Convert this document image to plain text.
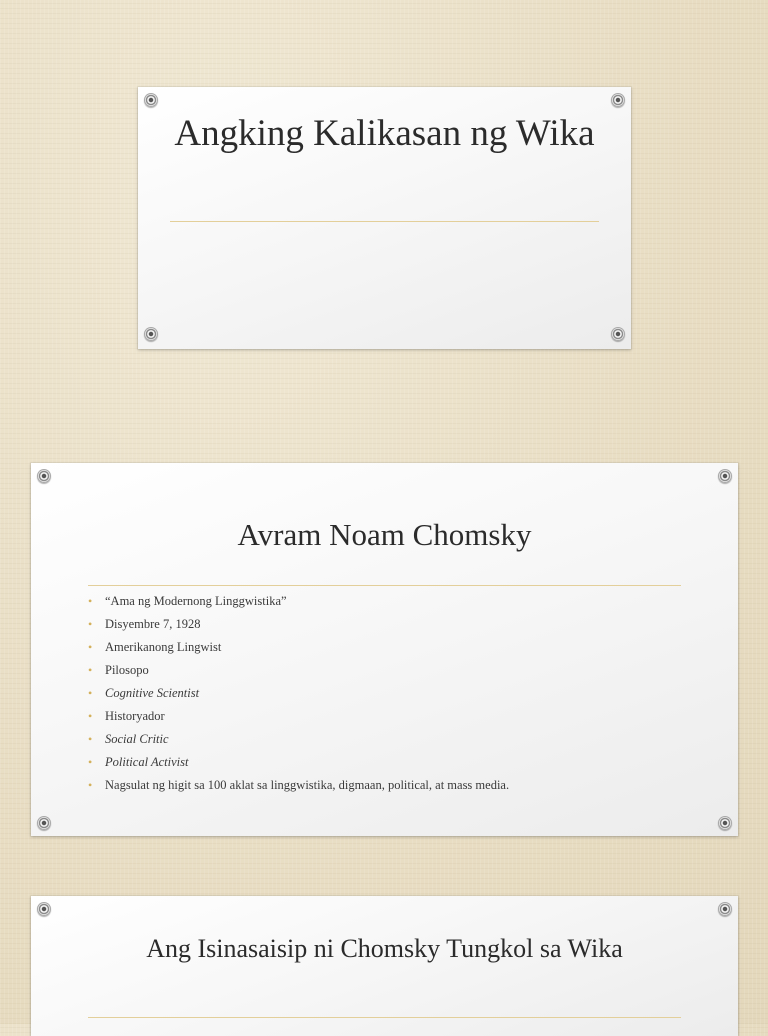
Angking Kalikasan ng Wika
Avram Noam Chomsky
• “Ama ng Modernong Linggwistika”
• Disyembre 7, 1928
• Amerikanong Lingwist
• Pilosopo
• Cognitive Scientist
• Historyador
• Social Critic
• Political Activist
• Nagsulat ng higit sa 100 aklat sa linggwistika, digmaan, political, at mass media.
Ang Isinasaisip ni Chomsky Tungkol sa Wika
